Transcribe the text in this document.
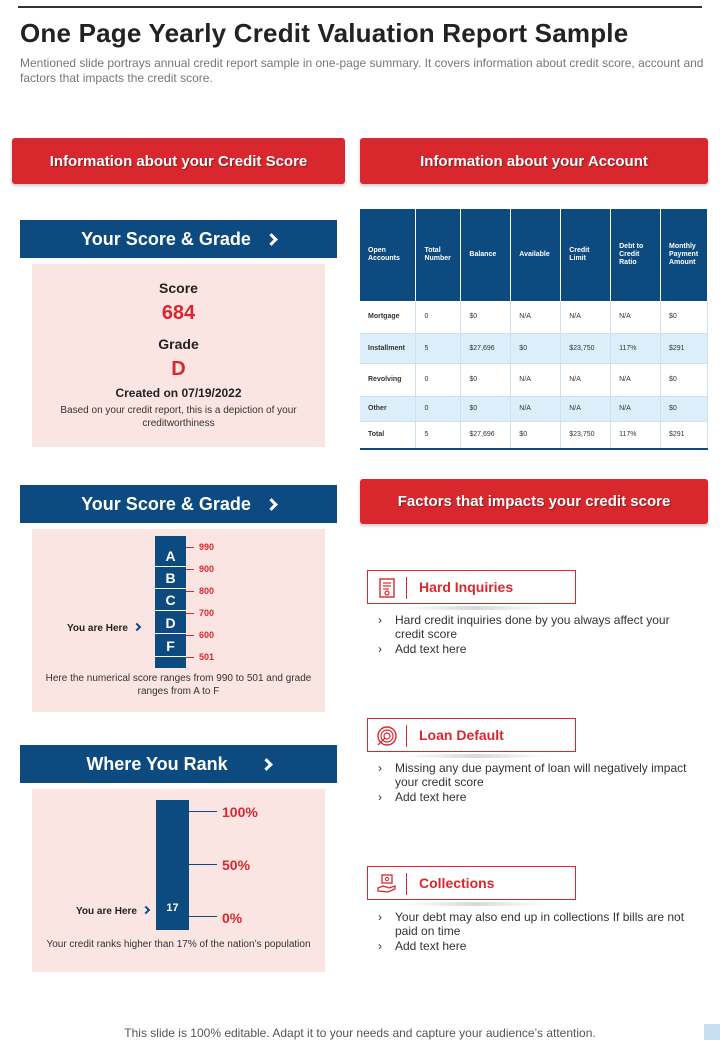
One Page Yearly Credit Valuation Report Sample
Mentioned slide portrays annual credit report sample in one-page summary. It covers information about credit score, account and factors that impacts the credit score.
Information about your Credit Score	Information about your Account
Your Score & Grade
Score
684
Grade
D
Created on 07/19/2022
Based on your credit report, this is a depiction of your creditworthiness
Your Score & Grade
A
B
C
D
F
990
900
800
700
600
501
You are Here
Here the numerical score ranges from 990 to 501 and grade ranges from A to F
Where You Rank
17
100%
50%
0%
You are Here
Your credit ranks higher than 17% of the nation’s population
Open Accounts	Total Number	Balance	Available	Credit Limit	Debt to Credit Ratio	Monthly Payment Amount
Mortgage	0	$0	N/A	N/A	N/A	$0
Installment	5	$27,696	$0	$23,750	117%	$291
Revolving	0	$0	N/A	N/A	N/A	$0
Other	0	$0	N/A	N/A	N/A	$0
Total	5	$27,696	$0	$23,750	117%	$291
Factors that impacts your credit score
Hard Inquiries
› Hard credit inquiries done by you always affect your credit score
› Add text here
Loan Default
› Missing any due payment of loan will negatively impact your credit score
› Add text here
Collections
› Your debt may also end up in collections If bills are not paid on time
› Add text here
This slide is 100% editable. Adapt it to your needs and capture your audience’s attention.
